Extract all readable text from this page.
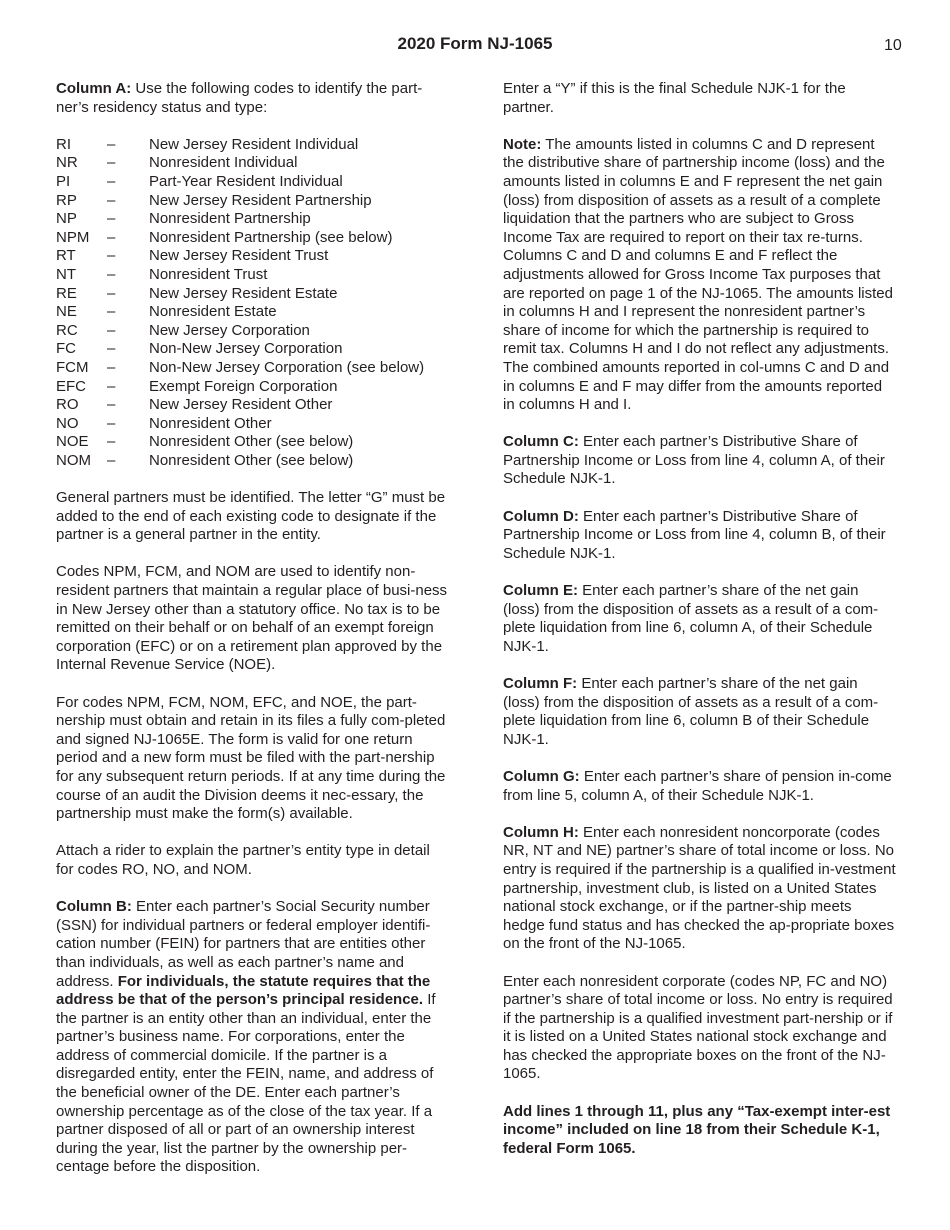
2020 Form NJ-1065	10

Column A: Use the following codes to identify the part-ner’s residency status and type:

RI	–	New Jersey Resident Individual
NR	–	Nonresident Individual
PI	–	Part-Year Resident Individual
RP	–	New Jersey Resident Partnership
NP	–	Nonresident Partnership
NPM	–	Nonresident Partnership (see below)
RT	–	New Jersey Resident Trust
NT	–	Nonresident Trust
RE	–	New Jersey Resident Estate
NE	–	Nonresident Estate
RC	–	New Jersey Corporation
FC	–	Non-New Jersey Corporation
FCM	–	Non-New Jersey Corporation (see below)
EFC	–	Exempt Foreign Corporation
RO	–	New Jersey Resident Other
NO	–	Nonresident Other
NOE	–	Nonresident Other (see below)
NOM	–	Nonresident Other (see below)

General partners must be identified. The letter “G” must be added to the end of each existing code to designate if the partner is a general partner in the entity.

Codes NPM, FCM, and NOM are used to identify non-resident partners that maintain a regular place of busi-ness in New Jersey other than a statutory office. No tax is to be remitted on their behalf or on behalf of an exempt foreign corporation (EFC) or on a retirement plan approved by the Internal Revenue Service (NOE).

For codes NPM, FCM, NOM, EFC, and NOE, the part-nership must obtain and retain in its files a fully com-pleted and signed NJ-1065E. The form is valid for one return period and a new form must be filed with the part-nership for any subsequent return periods. If at any time during the course of an audit the Division deems it nec-essary, the partnership must make the form(s) available.

Attach a rider to explain the partner’s entity type in detail for codes RO, NO, and NOM.

Column B: Enter each partner’s Social Security number (SSN) for individual partners or federal employer identifi-cation number (FEIN) for partners that are entities other than individuals, as well as each partner’s name and address. For individuals, the statute requires that the address be that of the person’s principal residence. If the partner is an entity other than an individual, enter the partner’s business name. For corporations, enter the address of commercial domicile. If the partner is a disregarded entity, enter the FEIN, name, and address of the beneficial owner of the DE. Enter each partner’s ownership percentage as of the close of the tax year. If a partner disposed of all or part of an ownership interest during the year, list the partner by the ownership per-centage before the disposition.

Enter a “Y” if this is the final Schedule NJK-1 for the partner.

Note: The amounts listed in columns C and D represent the distributive share of partnership income (loss) and the amounts listed in columns E and F represent the net gain (loss) from disposition of assets as a result of a complete liquidation that the partners who are subject to Gross Income Tax are required to report on their tax re-turns. Columns C and D and columns E and F reflect the adjustments allowed for Gross Income Tax purposes that are reported on page 1 of the NJ-1065. The amounts listed in columns H and I represent the nonresident partner’s share of income for which the partnership is required to remit tax. Columns H and I do not reflect any adjustments. The combined amounts reported in col-umns C and D and in columns E and F may differ from the amounts reported in columns H and I.

Column C: Enter each partner’s Distributive Share of Partnership Income or Loss from line 4, column A, of their Schedule NJK-1.

Column D: Enter each partner’s Distributive Share of Partnership Income or Loss from line 4, column B, of their Schedule NJK-1.

Column E: Enter each partner’s share of the net gain (loss) from the disposition of assets as a result of a com-plete liquidation from line 6, column A, of their Schedule NJK-1.

Column F: Enter each partner’s share of the net gain (loss) from the disposition of assets as a result of a com-plete liquidation from line 6, column B of their Schedule NJK-1.

Column G: Enter each partner’s share of pension in-come from line 5, column A, of their Schedule NJK-1.

Column H: Enter each nonresident noncorporate (codes NR, NT and NE) partner’s share of total income or loss. No entry is required if the partnership is a qualified in-vestment partnership, investment club, is listed on a United States national stock exchange, or if the partner-ship meets hedge fund status and has checked the ap-propriate boxes on the front of the NJ-1065.

Enter each nonresident corporate (codes NP, FC and NO) partner’s share of total income or loss. No entry is required if the partnership is a qualified investment part-nership or if it is listed on a United States national stock exchange and has checked the appropriate boxes on the front of the NJ-1065.

Add lines 1 through 11, plus any “Tax-exempt inter-est income” included on line 18 from their Schedule K-1, federal Form 1065.
